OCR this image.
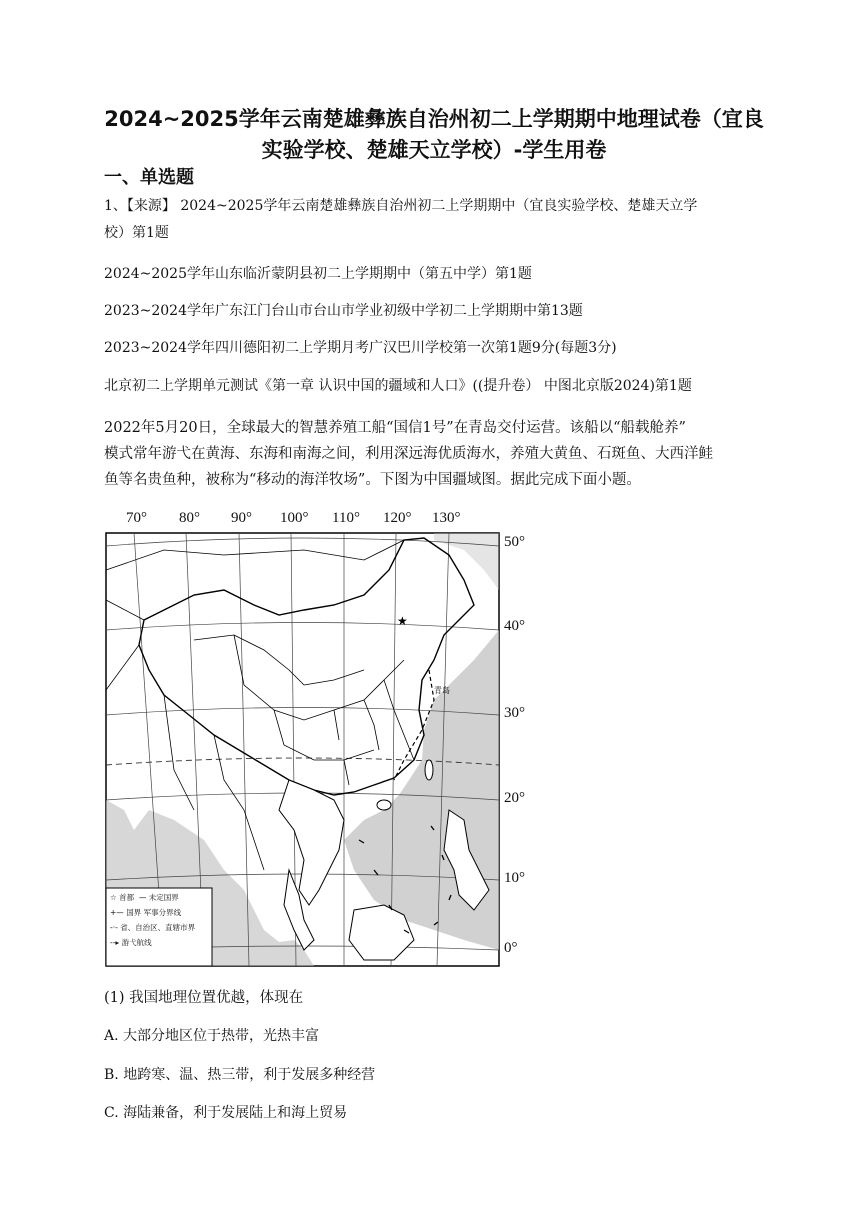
2024~2025学年云南楚雄彝族自治州初二上学期期中地理试卷（宜良
实验学校、楚雄天立学校）-学生用卷
一、单选题
1、【来源】 2024~2025学年云南楚雄彝族自治州初二上学期期中（宜良实验学校、楚雄天立学
校）第1题
2024~2025学年山东临沂蒙阴县初二上学期期中（第五中学）第1题
2023~2024学年广东江门台山市台山市学业初级中学初二上学期期中第13题
2023~2024学年四川德阳初二上学期月考广汉巴川学校第一次第1题9分(每题3分)
北京初二上学期单元测试《第一章 认识中国的疆域和人口》((提升卷） 中图北京版2024)第1题
2022年5月20日，全球最大的智慧养殖工船“国信1号”在青岛交付运营。该船以“船载舱养”
模式常年游弋在黄海、东海和南海之间，利用深远海优质海水，养殖大黄鱼、石斑鱼、大西洋鲑
鱼等名贵鱼种，被称为“移动的海洋牧场”。下图为中国疆域图。据此完成下面小题。
70° 80° 90° 100° 110° 120° 130°
50°
40°
30°
20°
10°
0°
★
青岛
☆ 首都  — 未定国界
+— 国界 军事分界线
-·- 省、自治区、直辖市界
‑‑▸ 游弋航线
(1) 我国地理位置优越，体现在
A. 大部分地区位于热带，光热丰富
B. 地跨寒、温、热三带，利于发展多种经营
C. 海陆兼备，利于发展陆上和海上贸易
